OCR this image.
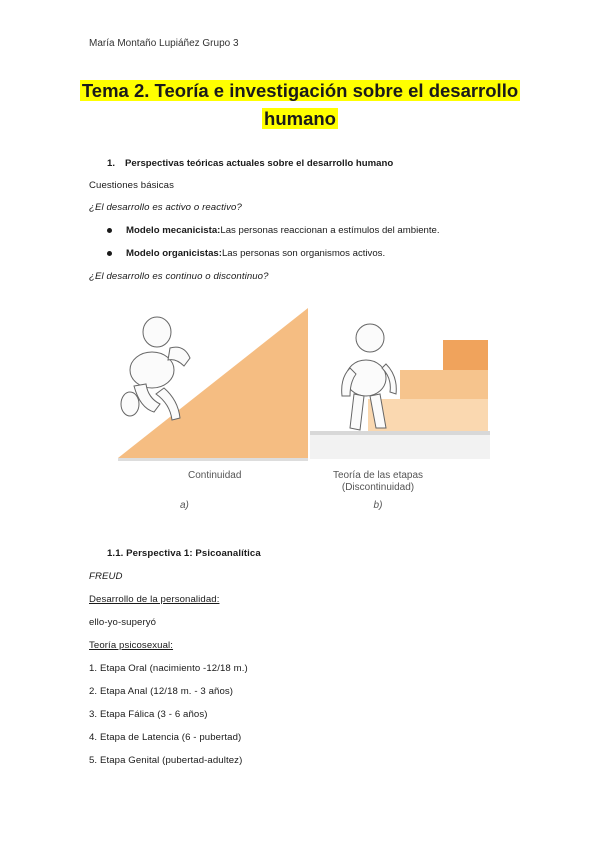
María Montaño Lupiáñez Grupo 3
Tema 2. Teoría e investigación sobre el desarrollo
humano
1. Perspectivas teóricas actuales sobre el desarrollo humano
Cuestiones básicas
¿El desarrollo es activo o reactivo?
Modelo mecanicista: Las personas reaccionan a estímulos del ambiente.
Modelo organicistas: Las personas son organismos activos.
¿El desarrollo es continuo o discontinuo?
Continuidad
a)
Teoría de las etapas
(Discontinuidad)
b)
1.1. Perspectiva 1: Psicoanalítica
FREUD
Desarrollo de la personalidad:
ello-yo-superyó
Teoría psicosexual:
1. Etapa Oral (nacimiento -12/18 m.)
2. Etapa Anal (12/18 m. - 3 años)
3. Etapa Fálica (3 - 6 años)
4. Etapa de Latencia (6 - pubertad)
5. Etapa Genital (pubertad-adultez)
